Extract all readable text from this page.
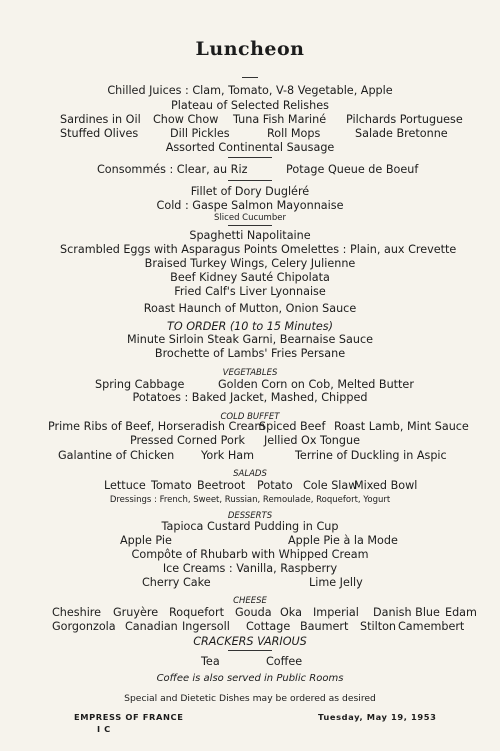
Luncheon
Chilled Juices : Clam, Tomato, V-8 Vegetable, Apple
Plateau of Selected Relishes
Sardines in Oil Chow Chow Tuna Fish Mariné Pilchards Portuguese
Stuffed Olives	Dill Pickles	Roll Mops	Salade Bretonne
Assorted Continental Sausage
Consommés : Clear, au Riz	Potage Queue de Boeuf
Fillet of Dory Dugléré
Cold : Gaspe Salmon Mayonnaise
Sliced Cucumber
Spaghetti Napolitaine
Scrambled Eggs with Asparagus Points Omelettes : Plain, aux Crevette
Braised Turkey Wings, Celery Julienne
Beef Kidney Sauté Chipolata
Fried Calf's Liver Lyonnaise
Roast Haunch of Mutton, Onion Sauce
TO ORDER (10 to 15 Minutes)
Minute Sirloin Steak Garni, Bearnaise Sauce
Brochette of Lambs' Fries Persane
VEGETABLES
Spring Cabbage	Golden Corn on Cob, Melted Butter
Potatoes : Baked Jacket, Mashed, Chipped
COLD BUFFET
Prime Ribs of Beef, Horseradish Cream
Spiced Beef Roast Lamb, Mint Sauce
Pressed Corned Pork Jellied Ox Tongue
Galantine of Chicken York Ham	Terrine of Duckling in Aspic
SALADS
Lettuce Tomato Beetroot Potato Cole Slaw
Mixed Bowl
Dressings : French, Sweet, Russian, Remoulade, Roquefort, Yogurt
DESSERTS
Tapioca Custard Pudding in Cup
Apple Pie	Apple Pie à la Mode
Compôte of Rhubarb with Whipped Cream
Ice Creams : Vanilla, Raspberry
Cherry Cake	Lime Jelly
CHEESE
Cheshire Gruyère Roquefort Gouda Oka Imperial Danish Blue Edam
Gorgonzola Canadian Ingersoll Cottage Baumert Stilton Camembert
CRACKERS VARIOUS
Tea	Coffee
Coffee is also served in Public Rooms
Special and Dietetic Dishes may be ordered as desired
EMPRESS OF FRANCE
I C
Tuesday, May 19, 1953
